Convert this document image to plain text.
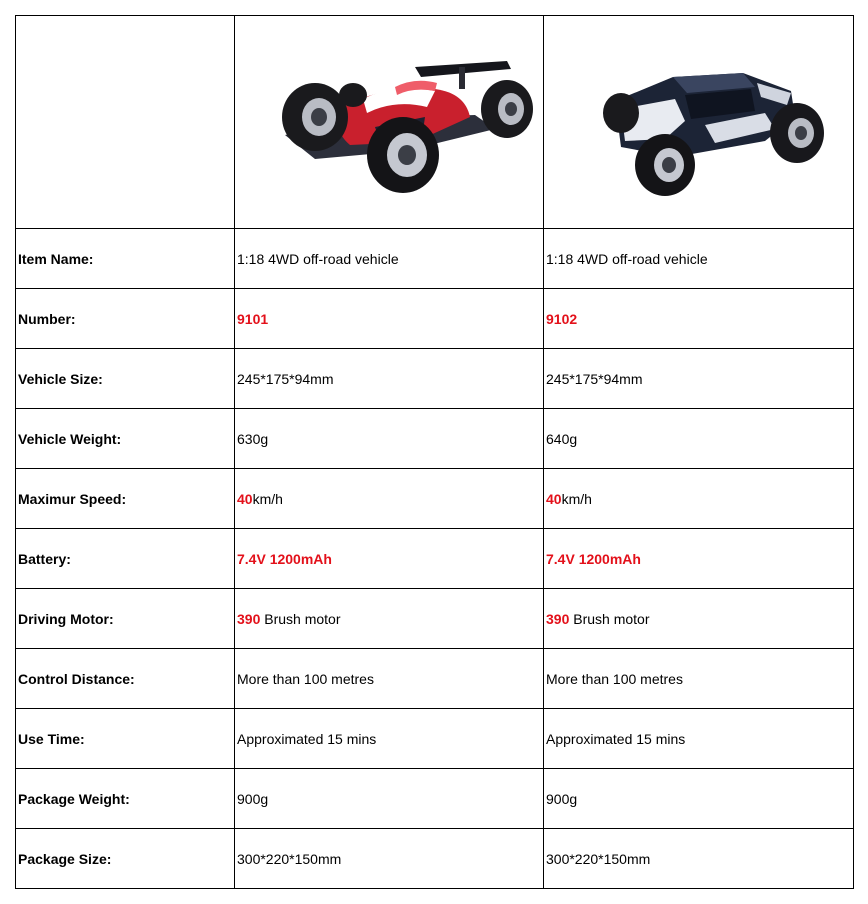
Item Name:	1:18 4WD off-road vehicle	1:18 4WD off-road vehicle
Number:	9101	9102
Vehicle Size:	245*175*94mm	245*175*94mm
Vehicle Weight:	630g	640g
Maximur Speed:	40km/h	40km/h
Battery:	7.4V 1200mAh	7.4V 1200mAh
Driving Motor:	390 Brush motor	390 Brush motor
Control Distance:	More than 100 metres	More than 100 metres
Use Time:	Approximated 15 mins	Approximated 15 mins
Package Weight:	900g	900g
Package Size:	300*220*150mm	300*220*150mm
